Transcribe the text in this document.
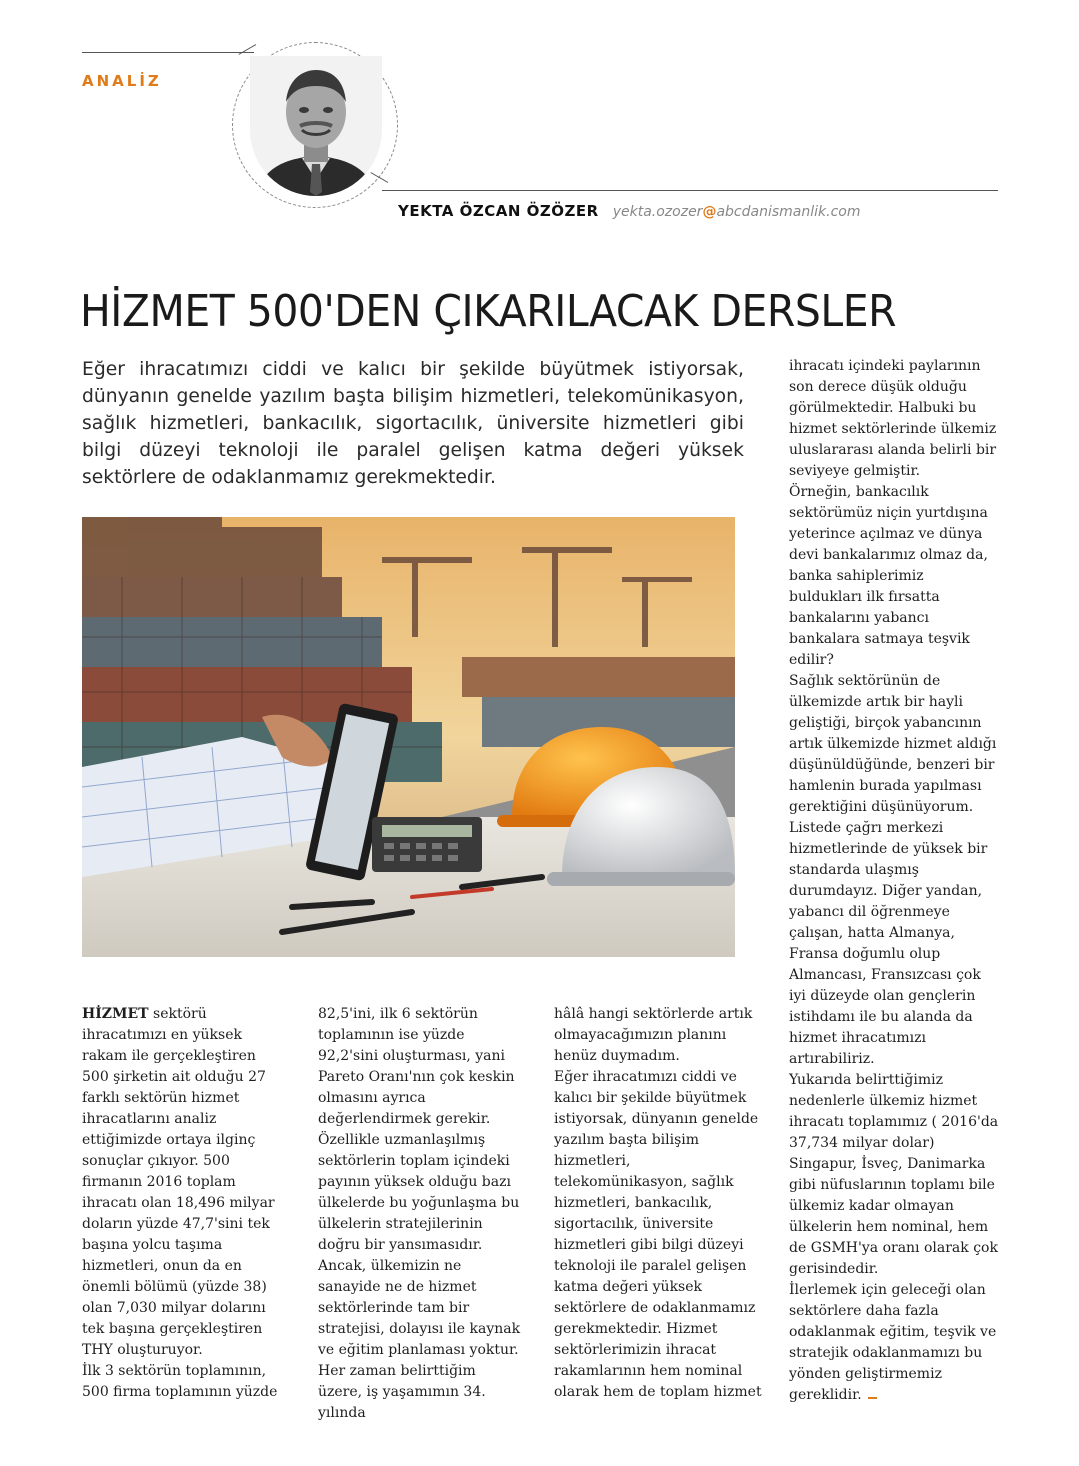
ANALİZ
YEKTA ÖZCAN ÖZÖZER yekta.ozozer@abcdanismanlik.com
HİZMET 500'DEN ÇIKARILACAK DERSLER

Eğer ihracatımızı ciddi ve kalıcı bir şekilde büyütmek istiyorsak, dünyanın genelde yazılım başta bilişim hizmetleri, telekomünikasyon, sağlık hizmetleri, bankacılık, sigortacılık, üniversite hizmetleri gibi bilgi düzeyi teknoloji ile paralel gelişen katma değeri yüksek sektörlere de odaklanmamız gerekmektedir.

HİZMET sektörü ihracatımızı en yüksek rakam ile gerçekleştiren 500 şirketin ait olduğu 27 farklı sektörün hizmet ihracatlarını analiz ettiğimizde ortaya ilginç sonuçlar çıkıyor. 500 firmanın 2016 toplam ihracatı olan 18,496 milyar doların yüzde 47,7'sini tek başına yolcu taşıma hizmetleri, onun da en önemli bölümü (yüzde 38) olan 7,030 milyar dolarını tek başına gerçekleştiren THY oluşturuyor.

İlk 3 sektörün toplamının, 500 firma toplamının yüzde

82,5'ini, ilk 6 sektörün toplamının ise yüzde 92,2'sini oluşturması, yani Pareto Oranı'nın çok keskin olmasını ayrıca değerlendirmek gerekir.

Özellikle uzmanlaşılmış sektörlerin toplam içindeki payının yüksek olduğu bazı ülkelerde bu yoğunlaşma bu ülkelerin stratejilerinin doğru bir yansımasıdır.

Ancak, ülkemizin ne sanayide ne de hizmet sektörlerinde tam bir stratejisi, dolayısı ile kaynak ve eğitim planlaması yoktur.

Her zaman belirttiğim üzere, iş yaşamımın 34. yılında

hâlâ hangi sektörlerde artık olmayacağımızın planını henüz duymadım.

Eğer ihracatımızı ciddi ve kalıcı bir şekilde büyütmek istiyorsak, dünyanın genelde yazılım başta bilişim hizmetleri, telekomünikasyon, sağlık hizmetleri, bankacılık, sigortacılık, üniversite hizmetleri gibi bilgi düzeyi teknoloji ile paralel gelişen katma değeri yüksek sektörlere de odaklanmamız gerekmektedir. Hizmet sektörlerimizin ihracat rakamlarının hem nominal olarak hem de toplam hizmet

ihracatı içindeki paylarının son derece düşük olduğu görülmektedir. Halbuki bu hizmet sektörlerinde ülkemiz uluslararası alanda belirli bir seviyeye gelmiştir.

Örneğin, bankacılık sektörümüz niçin yurtdışına yeterince açılmaz ve dünya devi bankalarımız olmaz da, banka sahiplerimiz buldukları ilk fırsatta bankalarını yabancı bankalara satmaya teşvik edilir?

Sağlık sektörünün de ülkemizde artık bir hayli geliştiği, birçok yabancının artık ülkemizde hizmet aldığı düşünüldüğünde, benzeri bir hamlenin burada yapılması gerektiğini düşünüyorum.

Listede çağrı merkezi hizmetlerinde de yüksek bir standarda ulaşmış durumdayız. Diğer yandan, yabancı dil öğrenmeye çalışan, hatta Almanya, Fransa doğumlu olup Almancası, Fransızcası çok iyi düzeyde olan gençlerin istihdamı ile bu alanda da hizmet ihracatımızı artırabiliriz.

Yukarıda belirttiğimiz nedenlerle ülkemiz hizmet ihracatı toplamımız ( 2016'da 37,734 milyar dolar) Singapur, İsveç, Danimarka gibi nüfuslarının toplamı bile ülkemiz kadar olmayan ülkelerin hem nominal, hem de GSMH'ya oranı olarak çok gerisindedir.

İlerlemek için geleceği olan sektörlere daha fazla odaklanmak eğitim, teşvik ve stratejik odaklanmamızı bu yönden geliştirmemiz gereklidir.
